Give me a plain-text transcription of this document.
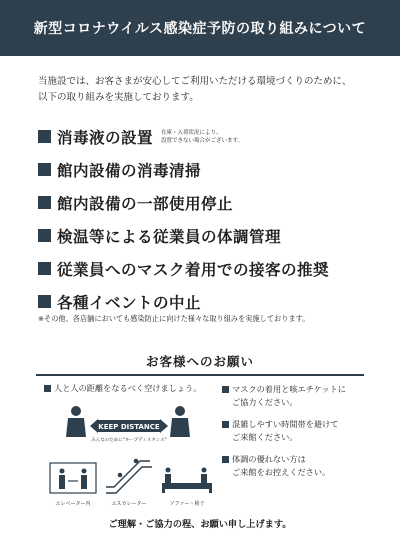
新型コロナウイルス感染症予防の取り組みについて
当施設では、お客さまが安心してご利用いただける環境づくりのために、
以下の取り組みを実施しております。
消毒液の設置 在庫・入荷状況により、
設置できない場合がございます。
館内設備の消毒清掃
館内設備の一部使用停止
検温等による従業員の体調管理
従業員へのマスク着用での接客の推奨
各種イベントの中止
※その他、各店舗においても感染防止に向けた様々な取り組みを実施しております。
お客様へのお願い
人と人の距離をなるべく空けましょう。
KEEP DISTANCE
みんなのために"キープディスタンス"
エレベーター内	エスカレーター	ソファー・椅子
マスクの着用と咳エチケットに
ご協力ください。
混雑しやすい時間帯を避けて
ご来館ください。
体調の優れない方は
ご来館をお控えください。
ご理解・ご協力の程、お願い申し上げます。
